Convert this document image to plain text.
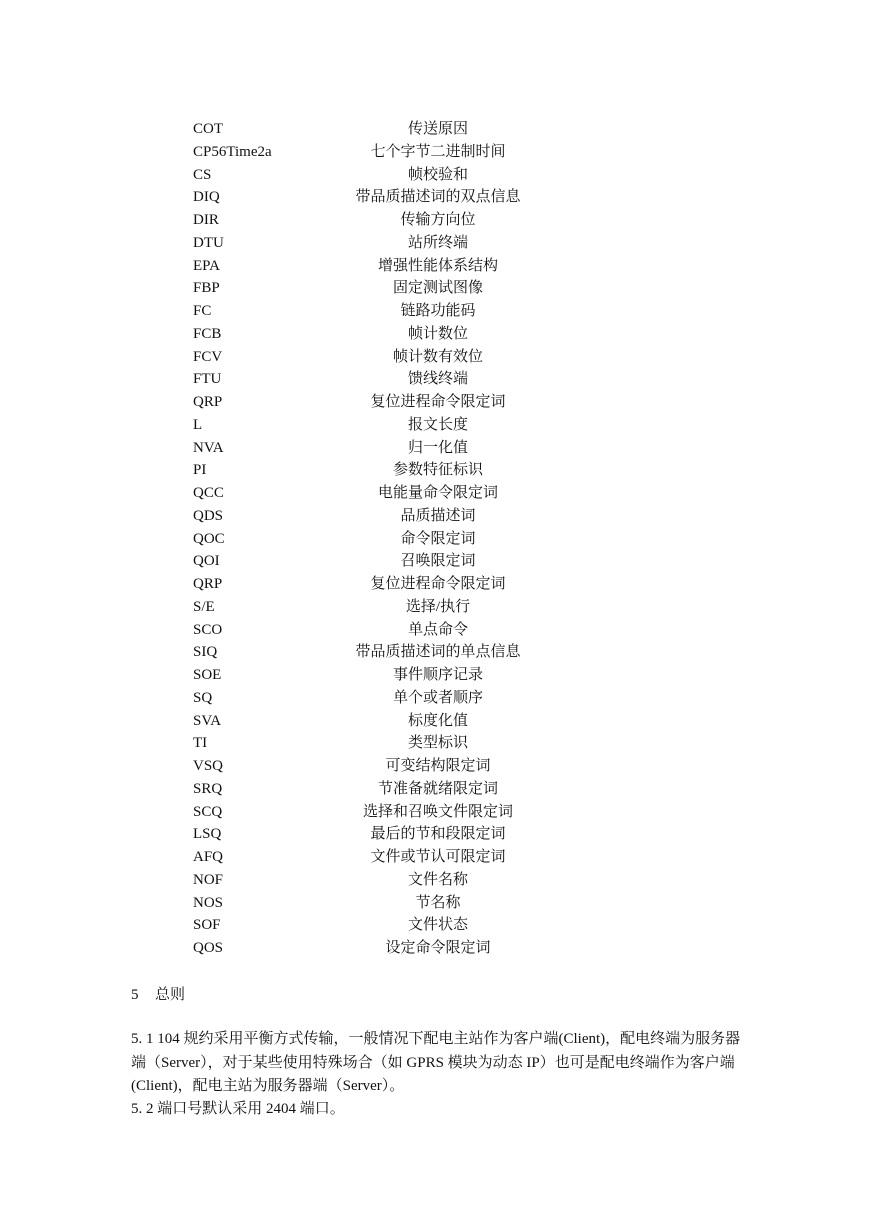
COT	传送原因
CP56Time2a	七个字节二进制时间
CS	帧校验和
DIQ	带品质描述词的双点信息
DIR	传输方向位
DTU	站所终端
EPA	增强性能体系结构
FBP	固定测试图像
FC	链路功能码
FCB	帧计数位
FCV	帧计数有效位
FTU	馈线终端
QRP	复位进程命令限定词
L	报文长度
NVA	归一化值
PI	参数特征标识
QCC	电能量命令限定词
QDS	品质描述词
QOC	命令限定词
QOI	召唤限定词
QRP	复位进程命令限定词
S/E	选择/执行
SCO	单点命令
SIQ	带品质描述词的单点信息
SOE	事件顺序记录
SQ	单个或者顺序
SVA	标度化值
TI	类型标识
VSQ	可变结构限定词
SRQ	节准备就绪限定词
SCQ	选择和召唤文件限定词
LSQ	最后的节和段限定词
AFQ	文件或节认可限定词
NOF	文件名称
NOS	节名称
SOF	文件状态
QOS	设定命令限定词
5 总则

5. 1 104 规约采用平衡方式传输，一般情况下配电主站作为客户端(Client)，配电终端为服务器端（Server），对于某些使用特殊场合（如 GPRS 模块为动态 IP）也可是配电终端作为客户端(Client)，配电主站为服务器端（Server）。

5. 2 端口号默认采用 2404 端口。
